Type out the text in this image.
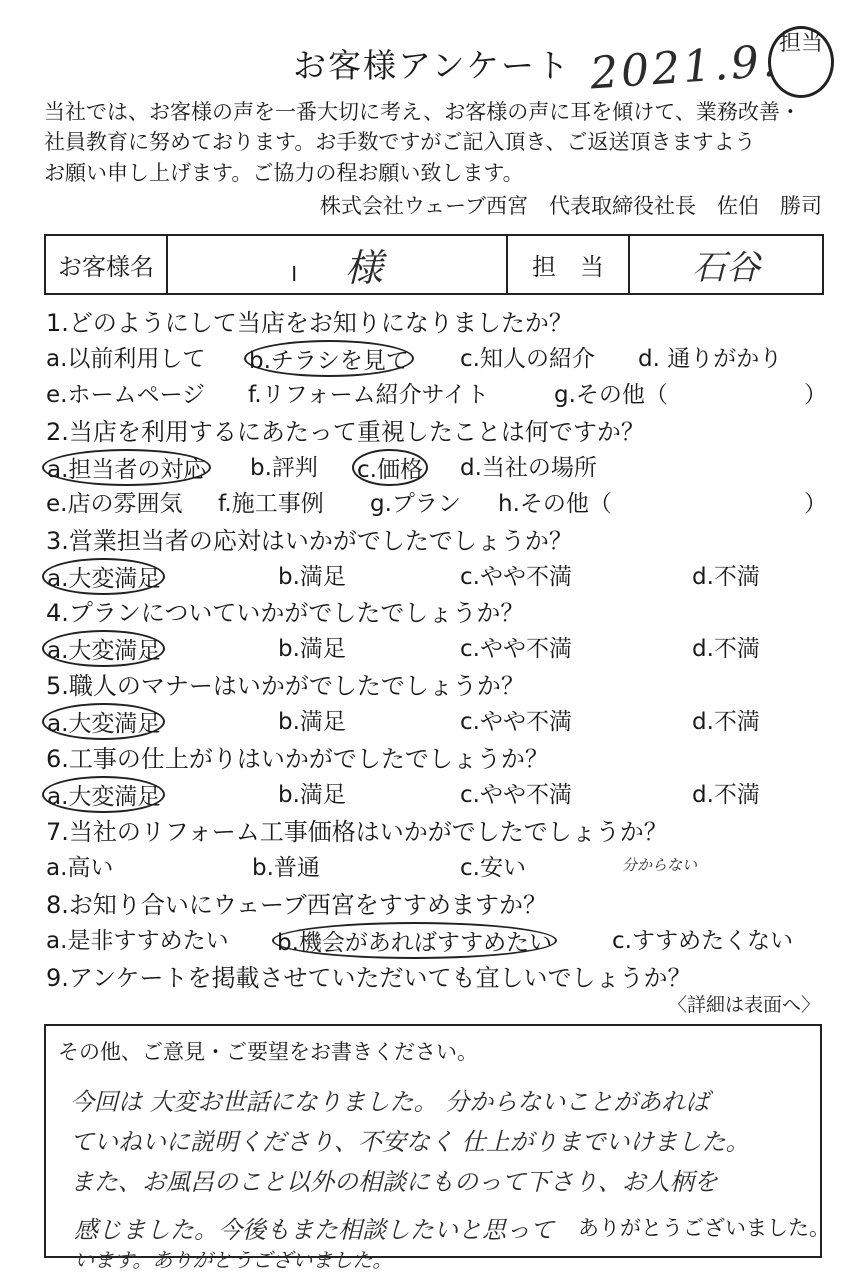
お客様アンケート 2021.9.
担当
当社では、お客様の声を一番大切に考え、お客様の声に耳を傾けて、業務改善・
社員教育に努めております。お手数ですがご記入頂き、ご返送頂きますよう
お願い申し上げます。ご協力の程お願い致します。
株式会社ウェーブ西宮　代表取締役社長　佐伯　勝司
お客様名	I 様	担　当	石谷
1.どのようにして当店をお知りになりましたか？
a.以前利用して b.チラシを見て c.知人の紹介 d. 通りがかり
e.ホームページ f.リフォーム紹介サイト	g.その他（	）
2.当店を利用するにあたって重視したことは何ですか？
a.担当者の対応 b.評判 c.価格 d.当社の場所
e.店の雰囲気 f.施工事例 g.プラン h.その他（	）
3.営業担当者の応対はいかがでしたでしょうか？
a.大変満足	b.満足	c.やや不満	d.不満
4.プランについていかがでしたでしょうか？
a.大変満足	b.満足	c.やや不満	d.不満
5.職人のマナーはいかがでしたでしょうか？
a.大変満足	b.満足	c.やや不満	d.不満
6.工事の仕上がりはいかがでしたでしょうか？
a.大変満足	b.満足	c.やや不満	d.不満
7.当社のリフォーム工事価格はいかがでしたでしょうか？
a.高い	b.普通	c.安い	分からない
8.お知り合いにウェーブ西宮をすすめますか？
a.是非すすめたい b.機会があればすすめたい	c.すすめたくない
9.アンケートを掲載させていただいても宜しいでしょうか？
〈詳細は表面へ〉
その他、ご意見・ご要望をお書きください。
今回は 大変お世話になりました。 分からないことがあれば
ていねいに説明くださり、不安なく 仕上がりまでいけました。
また、お風呂のこと以外の相談にものって下さり、お人柄を
感じました。今後もまた相談したいと思って
います。ありがとうございました。
ありがとうございました。
